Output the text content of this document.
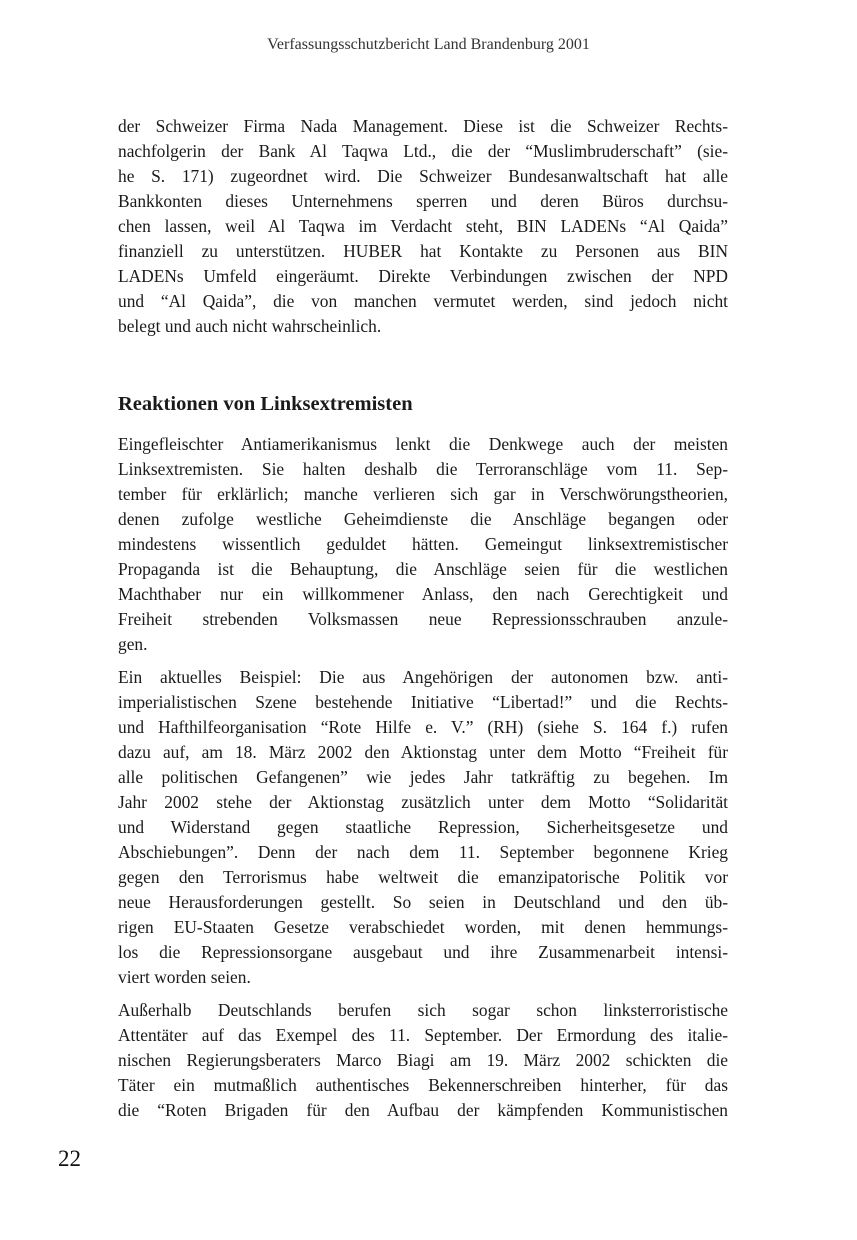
Verfassungsschutzbericht Land Brandenburg 2001

der Schweizer Firma Nada Management. Diese ist die Schweizer Rechts-
nachfolgerin der Bank Al Taqwa Ltd., die der “Muslimbruderschaft” (sie-
he S. 171) zugeordnet wird. Die Schweizer Bundesanwaltschaft hat alle
Bankkonten dieses Unternehmens sperren und deren Büros durchsu-
chen lassen, weil Al Taqwa im Verdacht steht, BIN LADENs “Al Qaida”
finanziell zu unterstützen. HUBER hat Kontakte zu Personen aus BIN
LADENs Umfeld eingeräumt. Direkte Verbindungen zwischen der NPD
und “Al Qaida”, die von manchen vermutet werden, sind jedoch nicht
belegt und auch nicht wahrscheinlich.

Reaktionen von Linksextremisten

Eingefleischter Antiamerikanismus lenkt die Denkwege auch der meisten
Linksextremisten. Sie halten deshalb die Terroranschläge vom 11. Sep-
tember für erklärlich; manche verlieren sich gar in Verschwörungstheorien,
denen zufolge westliche Geheimdienste die Anschläge begangen oder
mindestens wissentlich geduldet hätten. Gemeingut linksextremistischer
Propaganda ist die Behauptung, die Anschläge seien für die westlichen
Machthaber nur ein willkommener Anlass, den nach Gerechtigkeit und
Freiheit strebenden Volksmassen neue Repressionsschrauben anzule-
gen.

Ein aktuelles Beispiel: Die aus Angehörigen der autonomen bzw. anti-
imperialistischen Szene bestehende Initiative “Libertad!” und die Rechts-
und Hafthilfeorganisation “Rote Hilfe e. V.” (RH) (siehe S. 164 f.) rufen
dazu auf, am 18. März 2002 den Aktionstag unter dem Motto “Freiheit für
alle politischen Gefangenen” wie jedes Jahr tatkräftig zu begehen. Im
Jahr 2002 stehe der Aktionstag zusätzlich unter dem Motto “Solidarität
und Widerstand gegen staatliche Repression, Sicherheitsgesetze und
Abschiebungen”. Denn der nach dem 11. September begonnene Krieg
gegen den Terrorismus habe weltweit die emanzipatorische Politik vor
neue Herausforderungen gestellt. So seien in Deutschland und den üb-
rigen EU-Staaten Gesetze verabschiedet worden, mit denen hemmungs-
los die Repressionsorgane ausgebaut und ihre Zusammenarbeit intensi-
viert worden seien.

Außerhalb Deutschlands berufen sich sogar schon linksterroristische
Attentäter auf das Exempel des 11. September. Der Ermordung des italie-
nischen Regierungsberaters Marco Biagi am 19. März 2002 schickten die
Täter ein mutmaßlich authentisches Bekennerschreiben hinterher, für das
die “Roten Brigaden für den Aufbau der kämpfenden Kommunistischen

22
